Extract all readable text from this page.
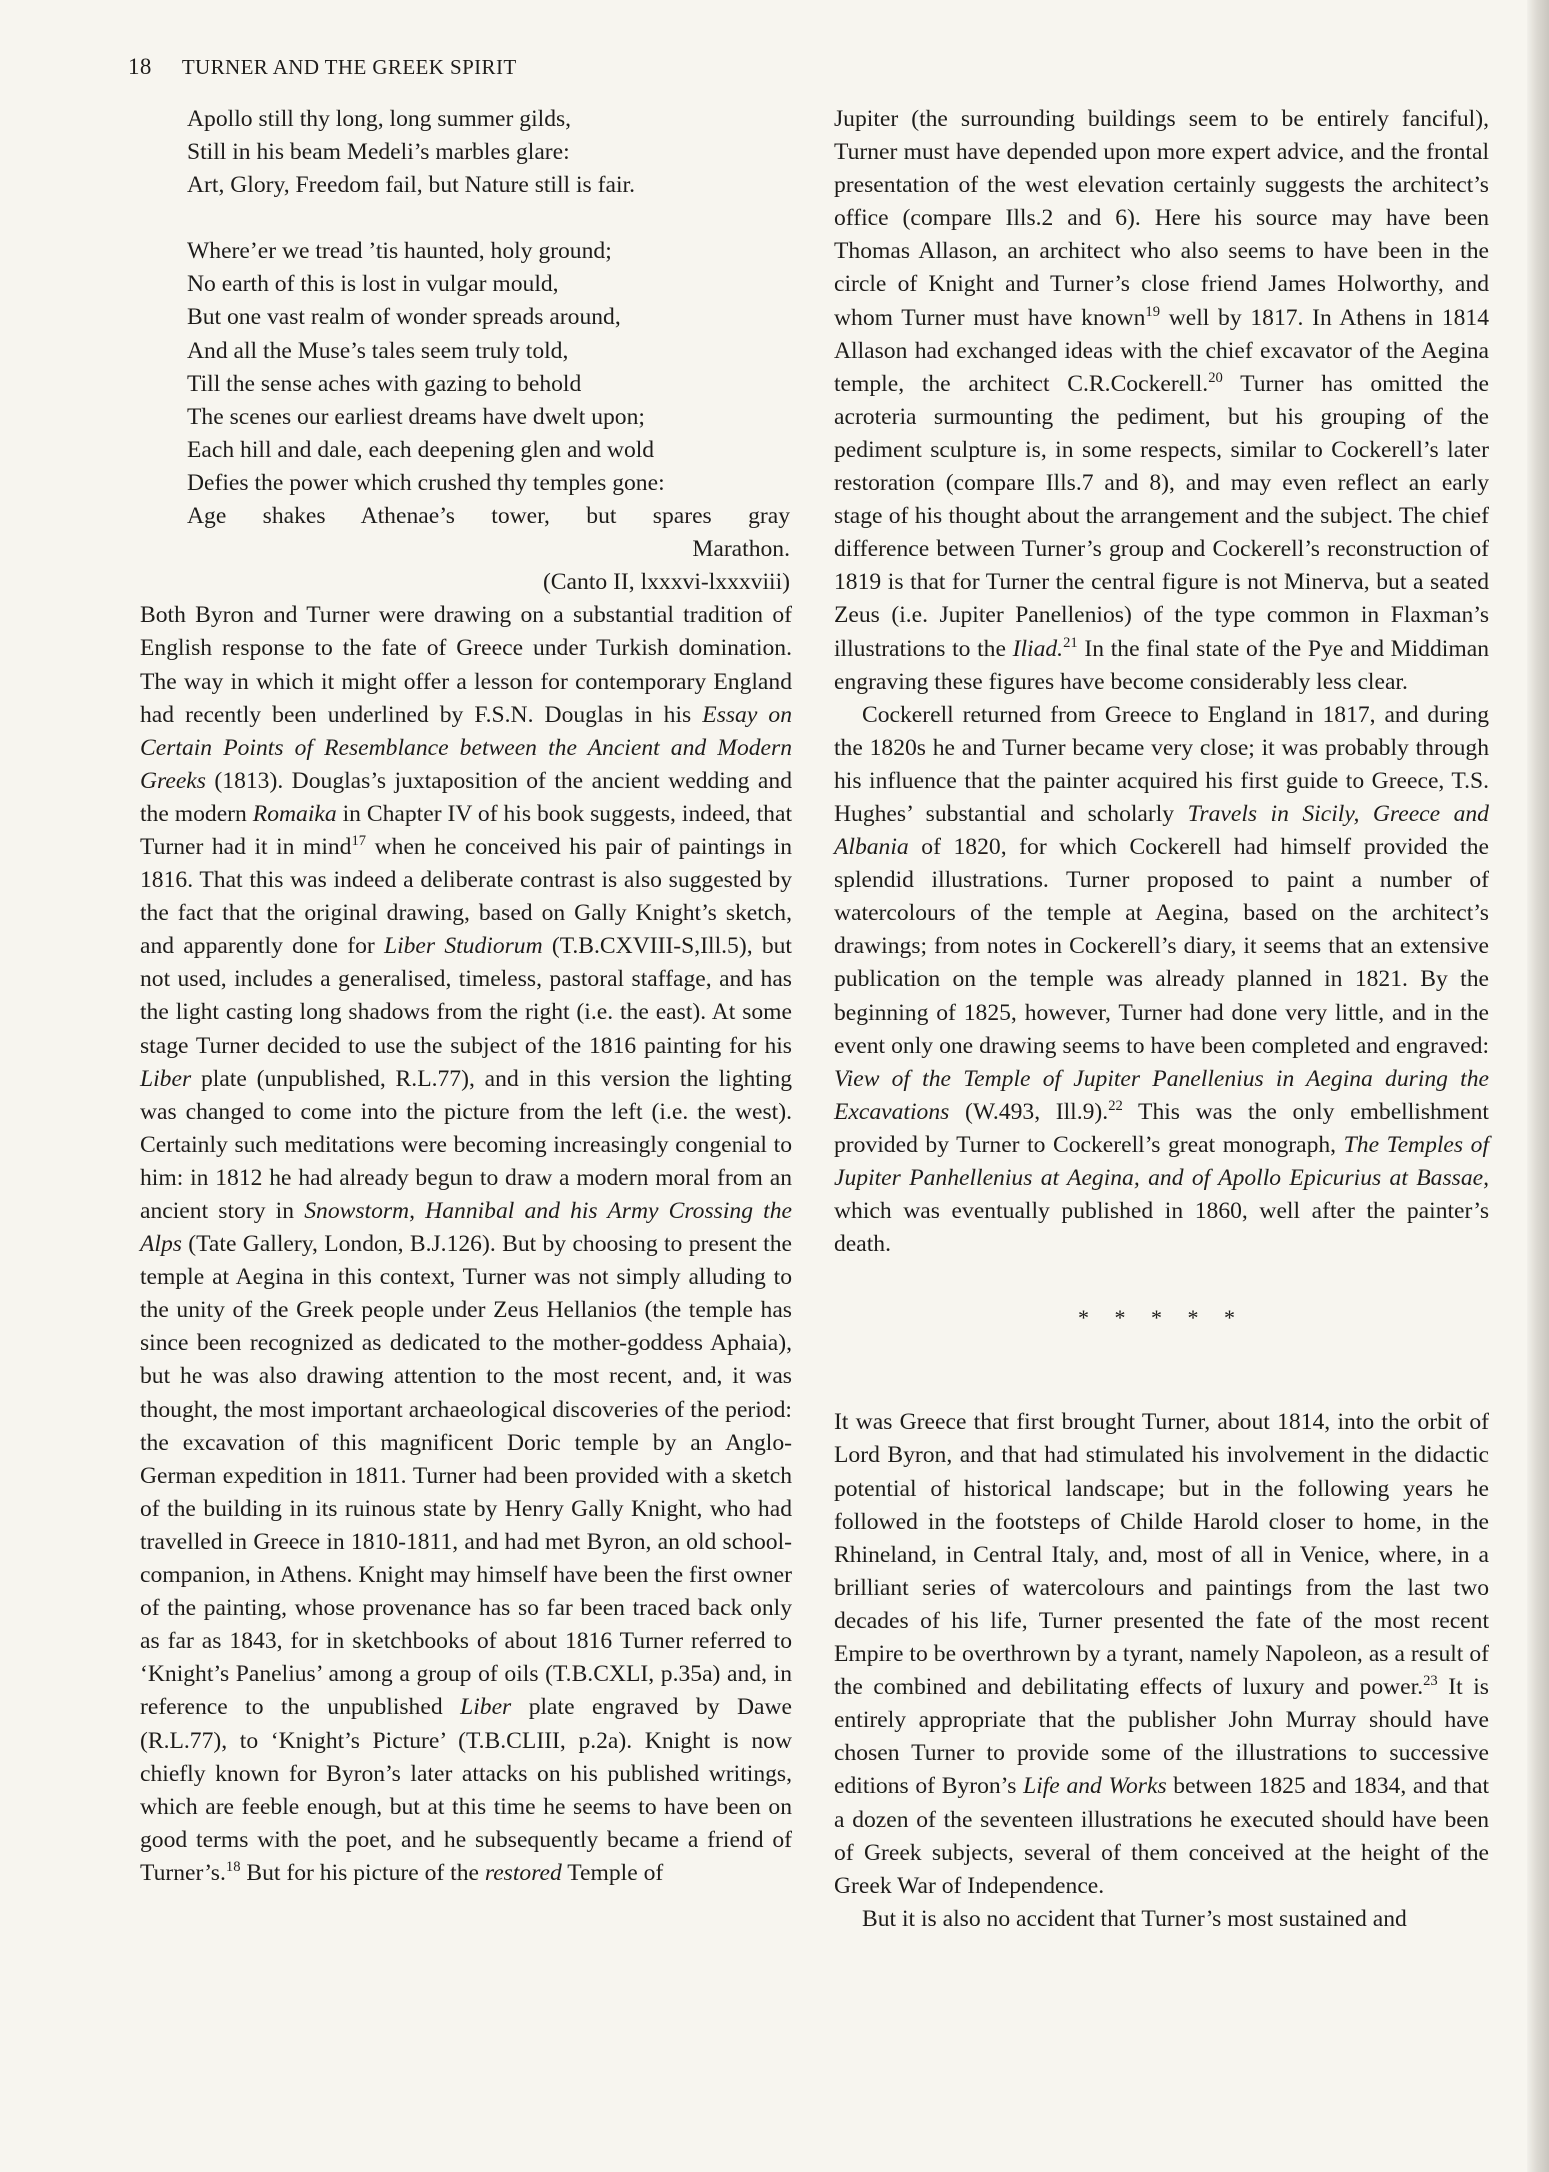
18 TURNER AND THE GREEK SPIRIT
Apollo still thy long, long summer gilds,
Still in his beam Medeli’s marbles glare:
Art, Glory, Freedom fail, but Nature still is fair.
Where’er we tread ’tis haunted, holy ground;
No earth of this is lost in vulgar mould,
But one vast realm of wonder spreads around,
And all the Muse’s tales seem truly told,
Till the sense aches with gazing to behold
The scenes our earliest dreams have dwelt upon;
Each hill and dale, each deepening glen and wold
Defies the power which crushed thy temples gone:
Age shakes Athenae’s tower, but spares gray
Marathon.
(Canto II, lxxxvi-lxxxviii)

Both Byron and Turner were drawing on a substantial tradition of English response to the fate of Greece under Turkish domination. The way in which it might offer a lesson for contemporary England had recently been underlined by F.S.N. Douglas in his Essay on Certain Points of Resemblance between the Ancient and Modern Greeks (1813). Douglas’s juxtaposition of the ancient wedding and the modern Romaika in Chapter IV of his book suggests, indeed, that Turner had it in mind$^{17}$ when he conceived his pair of paintings in 1816. That this was indeed a deliberate contrast is also suggested by the fact that the original drawing, based on Gally Knight’s sketch, and apparently done for Liber Studiorum (T.B.CXVIII-S,Ill.5), but not used, includes a generalised, timeless, pastoral staffage, and has the light casting long shadows from the right (i.e. the east). At some stage Turner decided to use the subject of the 1816 painting for his Liber plate (unpublished, R.L.77), and in this version the lighting was changed to come into the picture from the left (i.e. the west). Certainly such meditations were becoming increasingly congenial to him: in 1812 he had already begun to draw a modern moral from an ancient story in Snowstorm, Hannibal and his Army Crossing the Alps (Tate Gallery, London, B.J.126). But by choosing to present the temple at Aegina in this context, Turner was not simply alluding to the unity of the Greek people under Zeus Hellanios (the temple has since been recognized as dedicated to the mother-goddess Aphaia), but he was also drawing attention to the most recent, and, it was thought, the most important archaeological discoveries of the period: the excavation of this magnificent Doric temple by an Anglo-German expedition in 1811. Turner had been provided with a sketch of the building in its ruinous state by Henry Gally Knight, who had travelled in Greece in 1810-1811, and had met Byron, an old school-companion, in Athens. Knight may himself have been the first owner of the painting, whose provenance has so far been traced back only as far as 1843, for in sketchbooks of about 1816 Turner referred to ‘Knight’s Panelius’ among a group of oils (T.B.CXLI, p.35a) and, in reference to the unpublished Liber plate engraved by Dawe (R.L.77), to ‘Knight’s Picture’ (T.B.CLIII, p.2a). Knight is now chiefly known for Byron’s later attacks on his published writings, which are feeble enough, but at this time he seems to have been on good terms with the poet, and he subsequently became a friend of Turner’s.$^{18}$ But for his picture of the restored Temple of

Jupiter (the surrounding buildings seem to be entirely fanciful), Turner must have depended upon more expert advice, and the frontal presentation of the west elevation certainly suggests the architect’s office (compare Ills.2 and 6). Here his source may have been Thomas Allason, an architect who also seems to have been in the circle of Knight and Turner’s close friend James Holworthy, and whom Turner must have known$^{19}$ well by 1817. In Athens in 1814 Allason had exchanged ideas with the chief excavator of the Aegina temple, the architect C.R.Cockerell.$^{20}$ Turner has omitted the acroteria surmounting the pediment, but his grouping of the pediment sculpture is, in some respects, similar to Cockerell’s later restoration (compare Ills.7 and 8), and may even reflect an early stage of his thought about the arrangement and the subject. The chief difference between Turner’s group and Cockerell’s reconstruction of 1819 is that for Turner the central figure is not Minerva, but a seated Zeus (i.e. Jupiter Panellenios) of the type common in Flaxman’s illustrations to the Iliad.$^{21}$ In the final state of the Pye and Middiman engraving these figures have become considerably less clear.

Cockerell returned from Greece to England in 1817, and during the 1820s he and Turner became very close; it was probably through his influence that the painter acquired his first guide to Greece, T.S. Hughes’ substantial and scholarly Travels in Sicily, Greece and Albania of 1820, for which Cockerell had himself provided the splendid illustrations. Turner proposed to paint a number of watercolours of the temple at Aegina, based on the architect’s drawings; from notes in Cockerell’s diary, it seems that an extensive publication on the temple was already planned in 1821. By the beginning of 1825, however, Turner had done very little, and in the event only one drawing seems to have been completed and engraved: View of the Temple of Jupiter Panellenius in Aegina during the Excavations (W.493, Ill.9).$^{22}$ This was the only embellishment provided by Turner to Cockerell’s great monograph, The Temples of Jupiter Panhellenius at Aegina, and of Apollo Epicurius at Bassae, which was eventually published in 1860, well after the painter’s death.

* * * * *

It was Greece that first brought Turner, about 1814, into the orbit of Lord Byron, and that had stimulated his involvement in the didactic potential of historical landscape; but in the following years he followed in the footsteps of Childe Harold closer to home, in the Rhineland, in Central Italy, and, most of all in Venice, where, in a brilliant series of watercolours and paintings from the last two decades of his life, Turner presented the fate of the most recent Empire to be overthrown by a tyrant, namely Napoleon, as a result of the combined and debilitating effects of luxury and power.$^{23}$ It is entirely appropriate that the publisher John Murray should have chosen Turner to provide some of the illustrations to successive editions of Byron’s Life and Works between 1825 and 1834, and that a dozen of the seventeen illustrations he executed should have been of Greek subjects, several of them conceived at the height of the Greek War of Independence.

But it is also no accident that Turner’s most sustained and
